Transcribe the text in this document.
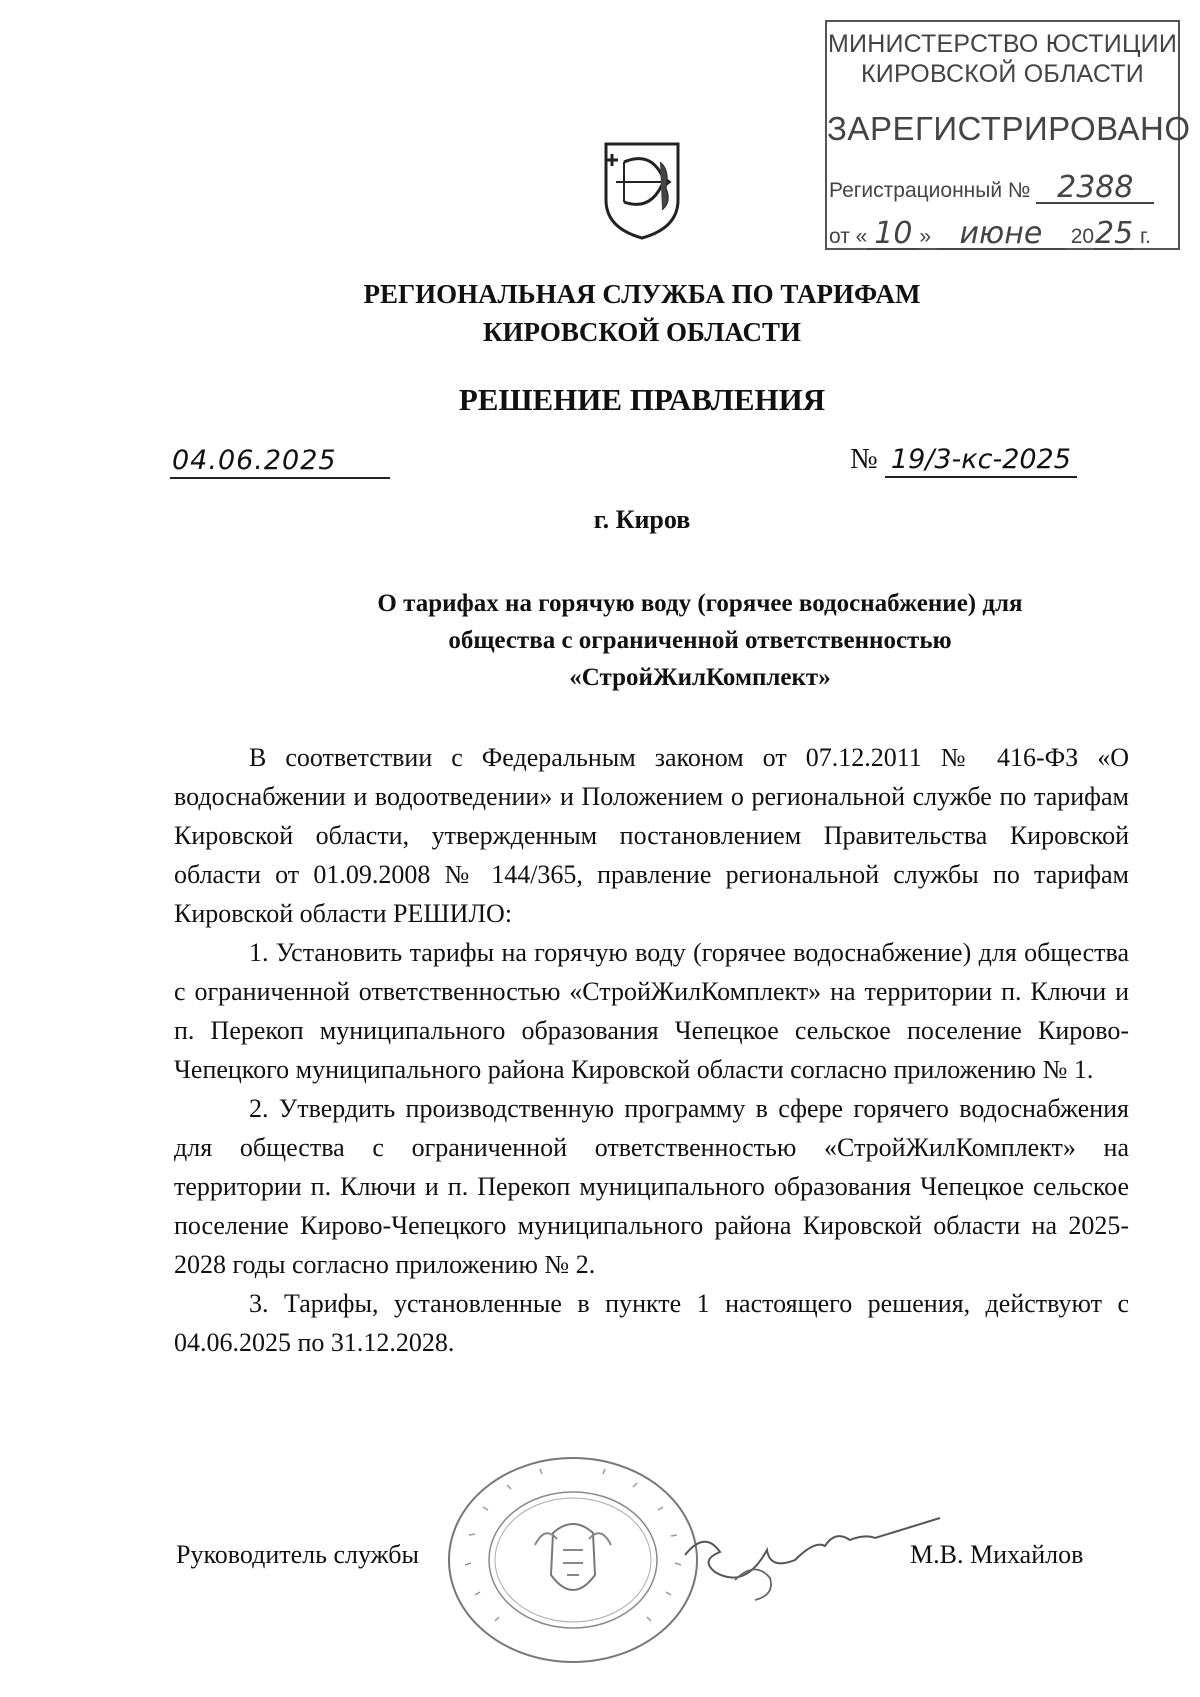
МИНИСТЕРСТВО ЮСТИЦИИ
КИРОВСКОЙ ОБЛАСТИ
ЗАРЕГИСТРИРОВАНО
Регистрационный № 2388
от « 10 » июне 2025 г.
РЕГИОНАЛЬНАЯ СЛУЖБА ПО ТАРИФАМ
КИРОВСКОЙ ОБЛАСТИ
РЕШЕНИЕ ПРАВЛЕНИЯ
04.06.2025	№ 19/3-кс-2025
г. Киров
О тарифах на горячую воду (горячее водоснабжение) для
общества с ограниченной ответственностью
«СтройЖилКомплект»

В соответствии с Федеральным законом от 07.12.2011 № 416-ФЗ «О водоснабжении и водоотведении» и Положением о региональной службе по тарифам Кировской области, утвержденным постановлением Правительства Кировской области от 01.09.2008 № 144/365, правление региональной службы по тарифам Кировской области РЕШИЛО:

1. Установить тарифы на горячую воду (горячее водоснабжение) для общества с ограниченной ответственностью «СтройЖилКомплект» на территории п. Ключи и п. Перекоп муниципального образования Чепецкое сельское поселение Кирово-Чепецкого муниципального района Кировской области согласно приложению № 1.

2. Утвердить производственную программу в сфере горячего водоснабжения для общества с ограниченной ответственностью «СтройЖилКомплект» на территории п. Ключи и п. Перекоп муниципального образования Чепецкое сельское поселение Кирово-Чепецкого муниципального района Кировской области на 2025-2028 годы согласно приложению № 2.

3. Тарифы, установленные в пункте 1 настоящего решения, действуют с 04.06.2025 по 31.12.2028.

Руководитель службы	М.В. Михайлов
